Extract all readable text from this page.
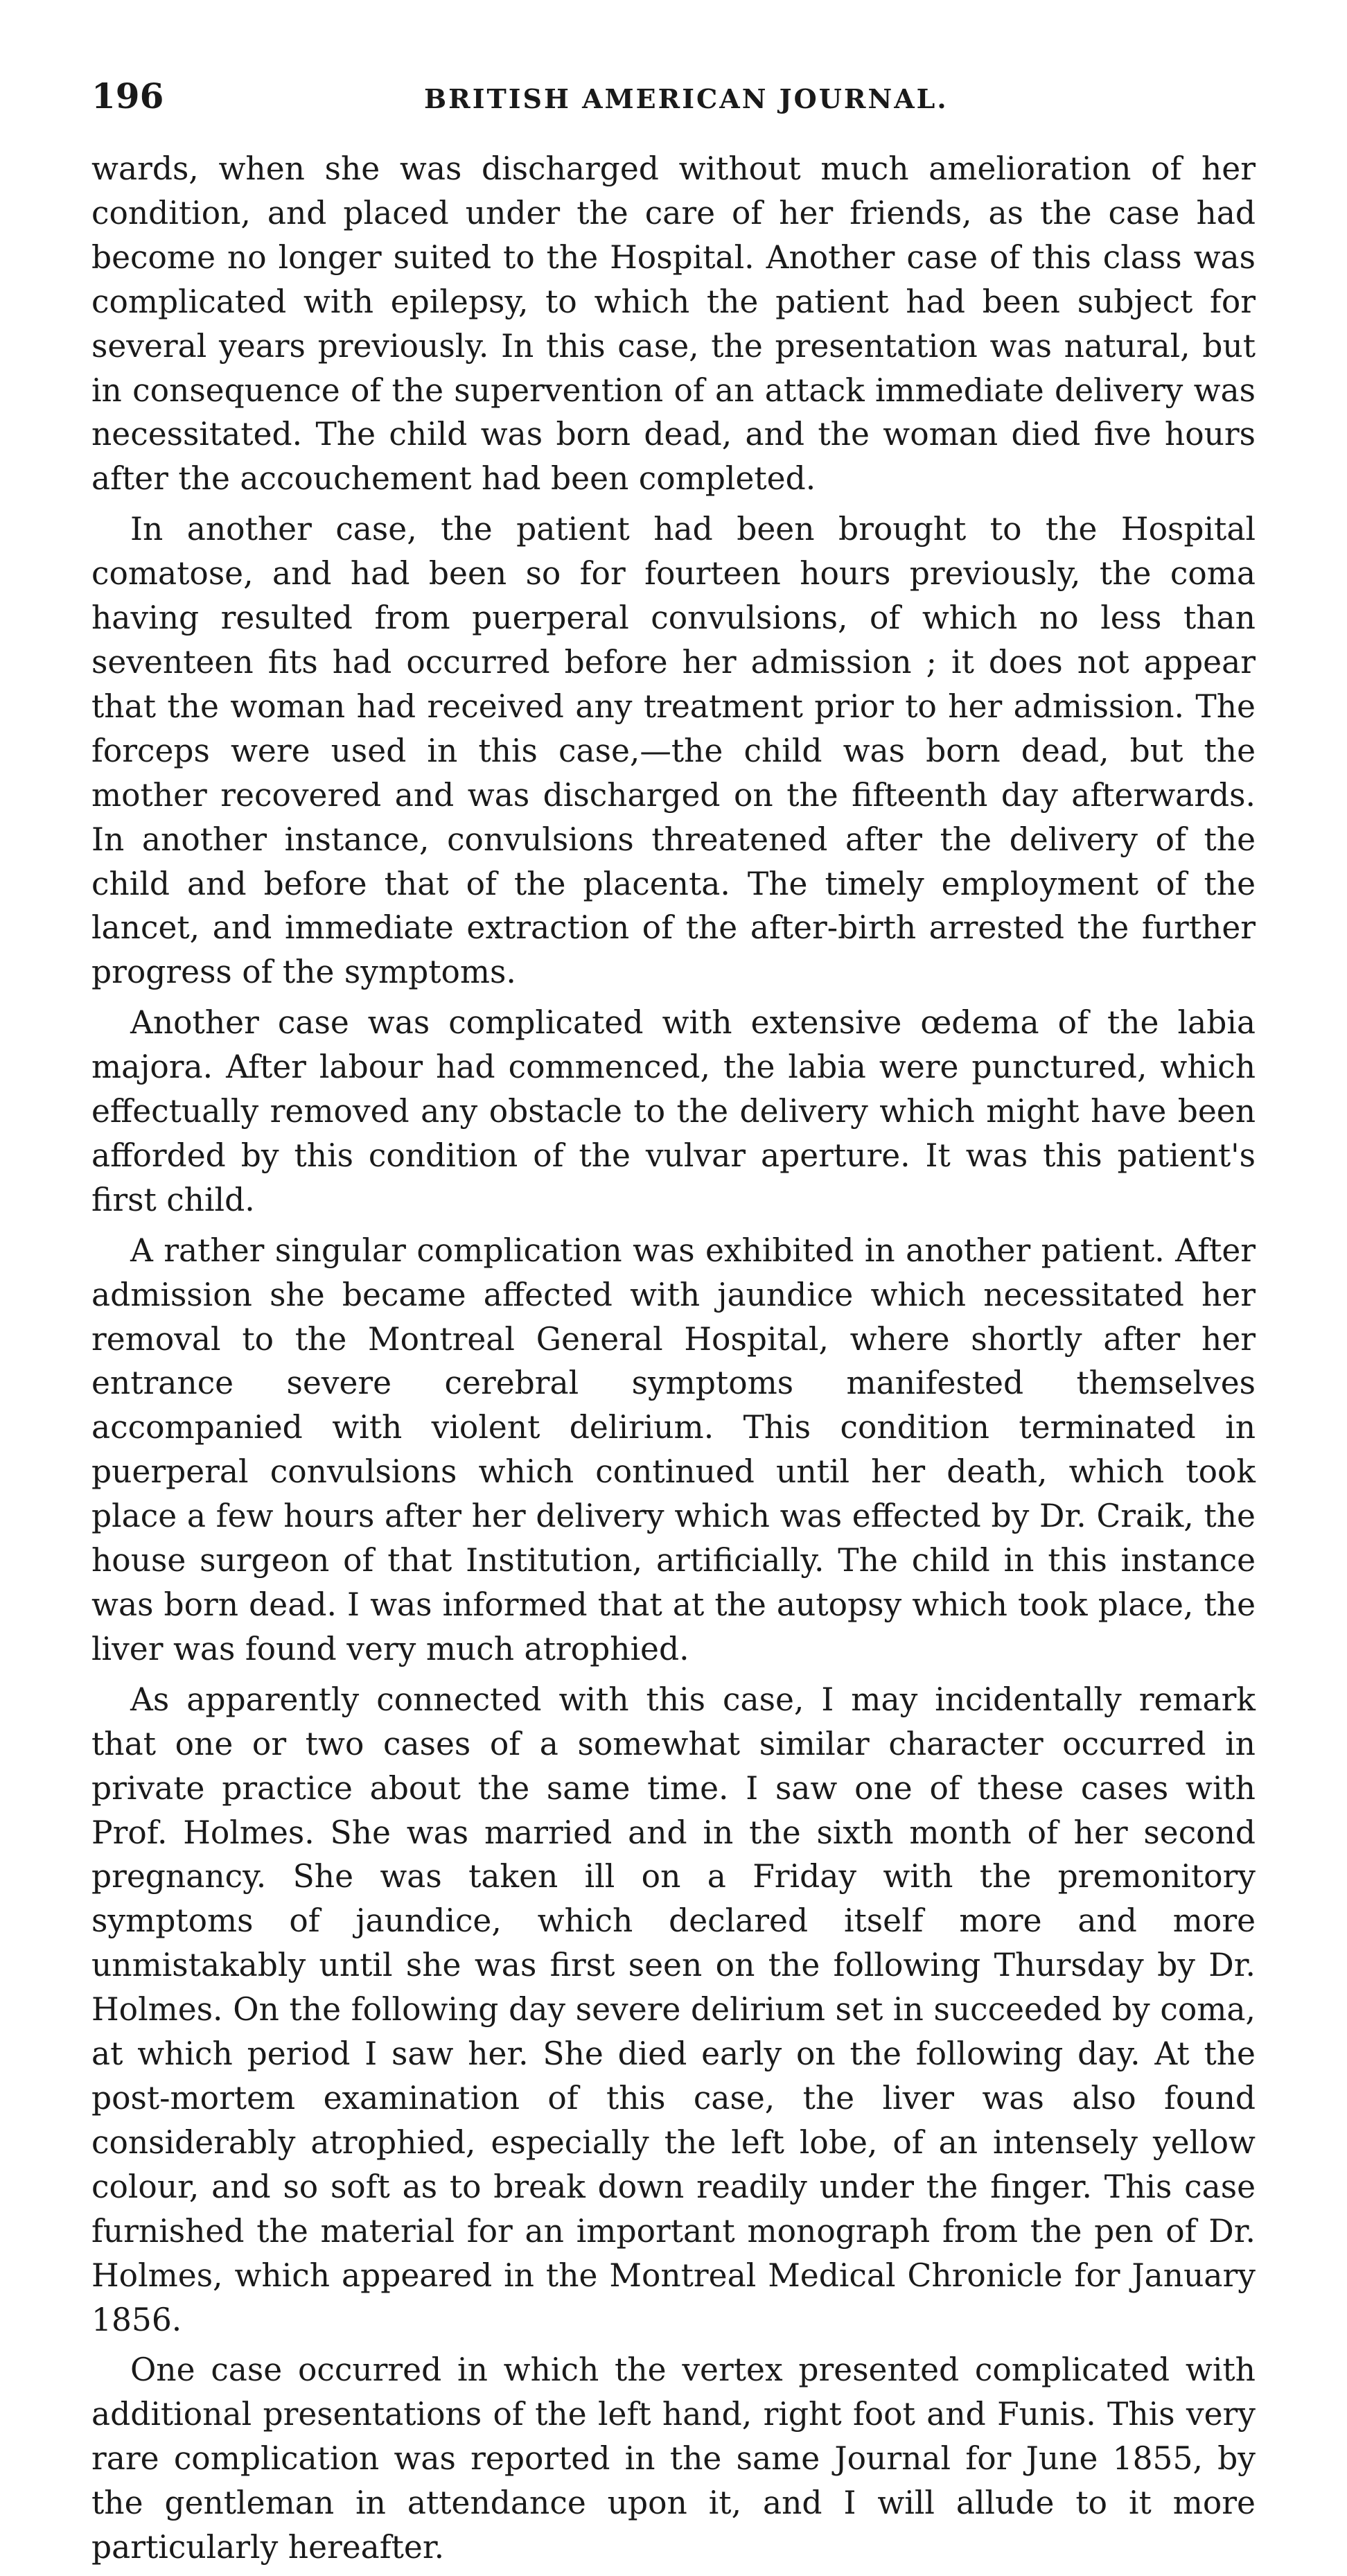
196	BRITISH AMERICAN JOURNAL.

wards, when she was discharged without much amelioration of her condition, and placed under the care of her friends, as the case had become no longer suited to the Hospital. Another case of this class was complicated with epilepsy, to which the patient had been subject for several years previously. In this case, the presentation was natural, but in consequence of the supervention of an attack immediate delivery was necessitated. The child was born dead, and the woman died five hours after the accouchement had been completed.

In another case, the patient had been brought to the Hospital comatose, and had been so for fourteen hours previously, the coma having resulted from puerperal convulsions, of which no less than seventeen fits had occurred before her admission ; it does not appear that the woman had received any treatment prior to her admission. The forceps were used in this case,—the child was born dead, but the mother recovered and was discharged on the fifteenth day afterwards. In another instance, convulsions threatened after the delivery of the child and before that of the placenta. The timely employment of the lancet, and immediate extraction of the after-birth arrested the further progress of the symptoms.

Another case was complicated with extensive œdema of the labia majora. After labour had commenced, the labia were punctured, which effectually removed any obstacle to the delivery which might have been afforded by this condition of the vulvar aperture. It was this patient's first child.

A rather singular complication was exhibited in another patient. After admission she became affected with jaundice which necessitated her removal to the Montreal General Hospital, where shortly after her entrance severe cerebral symptoms manifested themselves accompanied with violent delirium. This condition terminated in puerperal convulsions which continued until her death, which took place a few hours after her delivery which was effected by Dr. Craik, the house surgeon of that Institution, artificially. The child in this instance was born dead. I was informed that at the autopsy which took place, the liver was found very much atrophied.

As apparently connected with this case, I may incidentally remark that one or two cases of a somewhat similar character occurred in private practice about the same time. I saw one of these cases with Prof. Holmes. She was married and in the sixth month of her second pregnancy. She was taken ill on a Friday with the premonitory symptoms of jaundice, which declared itself more and more unmistakably until she was first seen on the following Thursday by Dr. Holmes. On the following day severe delirium set in succeeded by coma, at which period I saw her. She died early on the following day. At the post-mortem examination of this case, the liver was also found considerably atrophied, especially the left lobe, of an intensely yellow colour, and so soft as to break down readily under the finger. This case furnished the material for an important monograph from the pen of Dr. Holmes, which appeared in the Montreal Medical Chronicle for January 1856.

One case occurred in which the vertex presented complicated with additional presentations of the left hand, right foot and Funis. This very rare complication was reported in the same Journal for June 1855, by the gentleman in attendance upon it, and I will allude to it more particularly hereafter.
